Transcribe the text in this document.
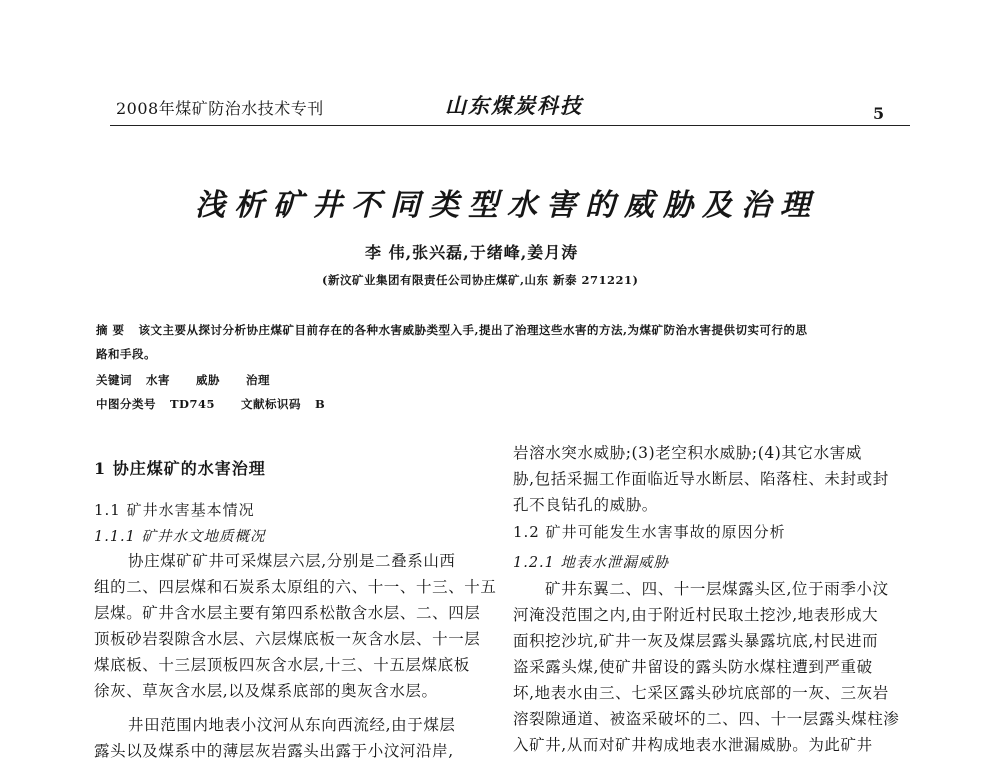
2008年煤矿防治水技术专刊	山东煤炭科技	5
浅析矿井不同类型水害的威胁及治理
李 伟,张兴磊,于绪峰,姜月涛
(新汶矿业集团有限责任公司协庄煤矿,山东 新泰 271221)
摘 要 该文主要从探讨分析协庄煤矿目前存在的各种水害威胁类型入手,提出了治理这些水害的方法,为煤矿防治水害提供切实可行的思
路和手段。
关键词 水害 威胁 治理
中图分类号 TD745 文献标识码 B
1 协庄煤矿的水害治理
1.1 矿井水害基本情况
1.1.1 矿井水文地质概况
协庄煤矿矿井可采煤层六层,分别是二叠系山西
组的二、四层煤和石炭系太原组的六、十一、十三、十五
层煤。矿井含水层主要有第四系松散含水层、二、四层
顶板砂岩裂隙含水层、六层煤底板一灰含水层、十一层
煤底板、十三层顶板四灰含水层,十三、十五层煤底板
徐灰、草灰含水层,以及煤系底部的奥灰含水层。
井田范围内地表小汶河从东向西流经,由于煤层
露头以及煤系中的薄层灰岩露头出露于小汶河沿岸,
岩溶水突水威胁;(3)老空积水威胁;(4)其它水害威
胁,包括采掘工作面临近导水断层、陷落柱、未封或封
孔不良钻孔的威胁。
1.2 矿井可能发生水害事故的原因分析
1.2.1 地表水泄漏威胁
矿井东翼二、四、十一层煤露头区,位于雨季小汶
河淹没范围之内,由于附近村民取土挖沙,地表形成大
面积挖沙坑,矿井一灰及煤层露头暴露坑底,村民进而
盗采露头煤,使矿井留设的露头防水煤柱遭到严重破
坏,地表水由三、七采区露头砂坑底部的一灰、三灰岩
溶裂隙通道、被盗采破坏的二、四、十一层露头煤柱渗
入矿井,从而对矿井构成地表水泄漏威胁。为此矿井
